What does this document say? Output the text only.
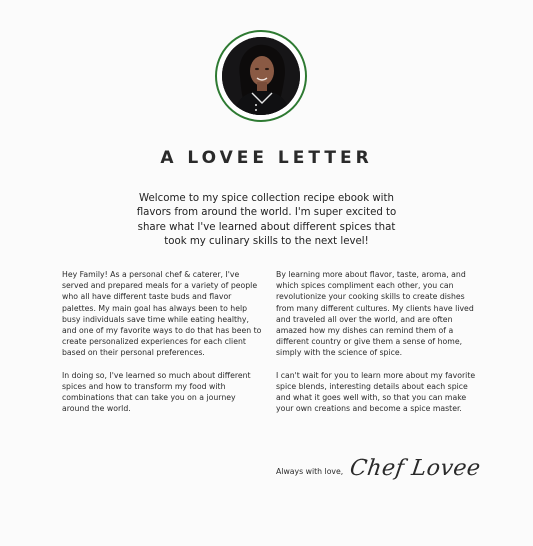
A LOVEE LETTER
Welcome to my spice collection recipe ebook with flavors from around the world. I'm super excited to share what I've learned about different spices that took my culinary skills to the next level!

Hey Family! As a personal chef & caterer, I've served and prepared meals for a variety of people who all have different taste buds and flavor palettes. My main goal has always been to help busy individuals save time while eating healthy, and one of my favorite ways to do that has been to create personalized experiences for each client based on their personal preferences.

In doing so, I've learned so much about different spices and how to transform my food with combinations that can take you on a journey around the world.

By learning more about flavor, taste, aroma, and which spices compliment each other, you can revolutionize your cooking skills to create dishes from many different cultures. My clients have lived and traveled all over the world, and are often amazed how my dishes can remind them of a different country or give them a sense of home, simply with the science of spice.

I can't wait for you to learn more about my favorite spice blends, interesting details about each spice and what it goes well with, so that you can make your own creations and become a spice master.

Always with love, Chef Lovee
